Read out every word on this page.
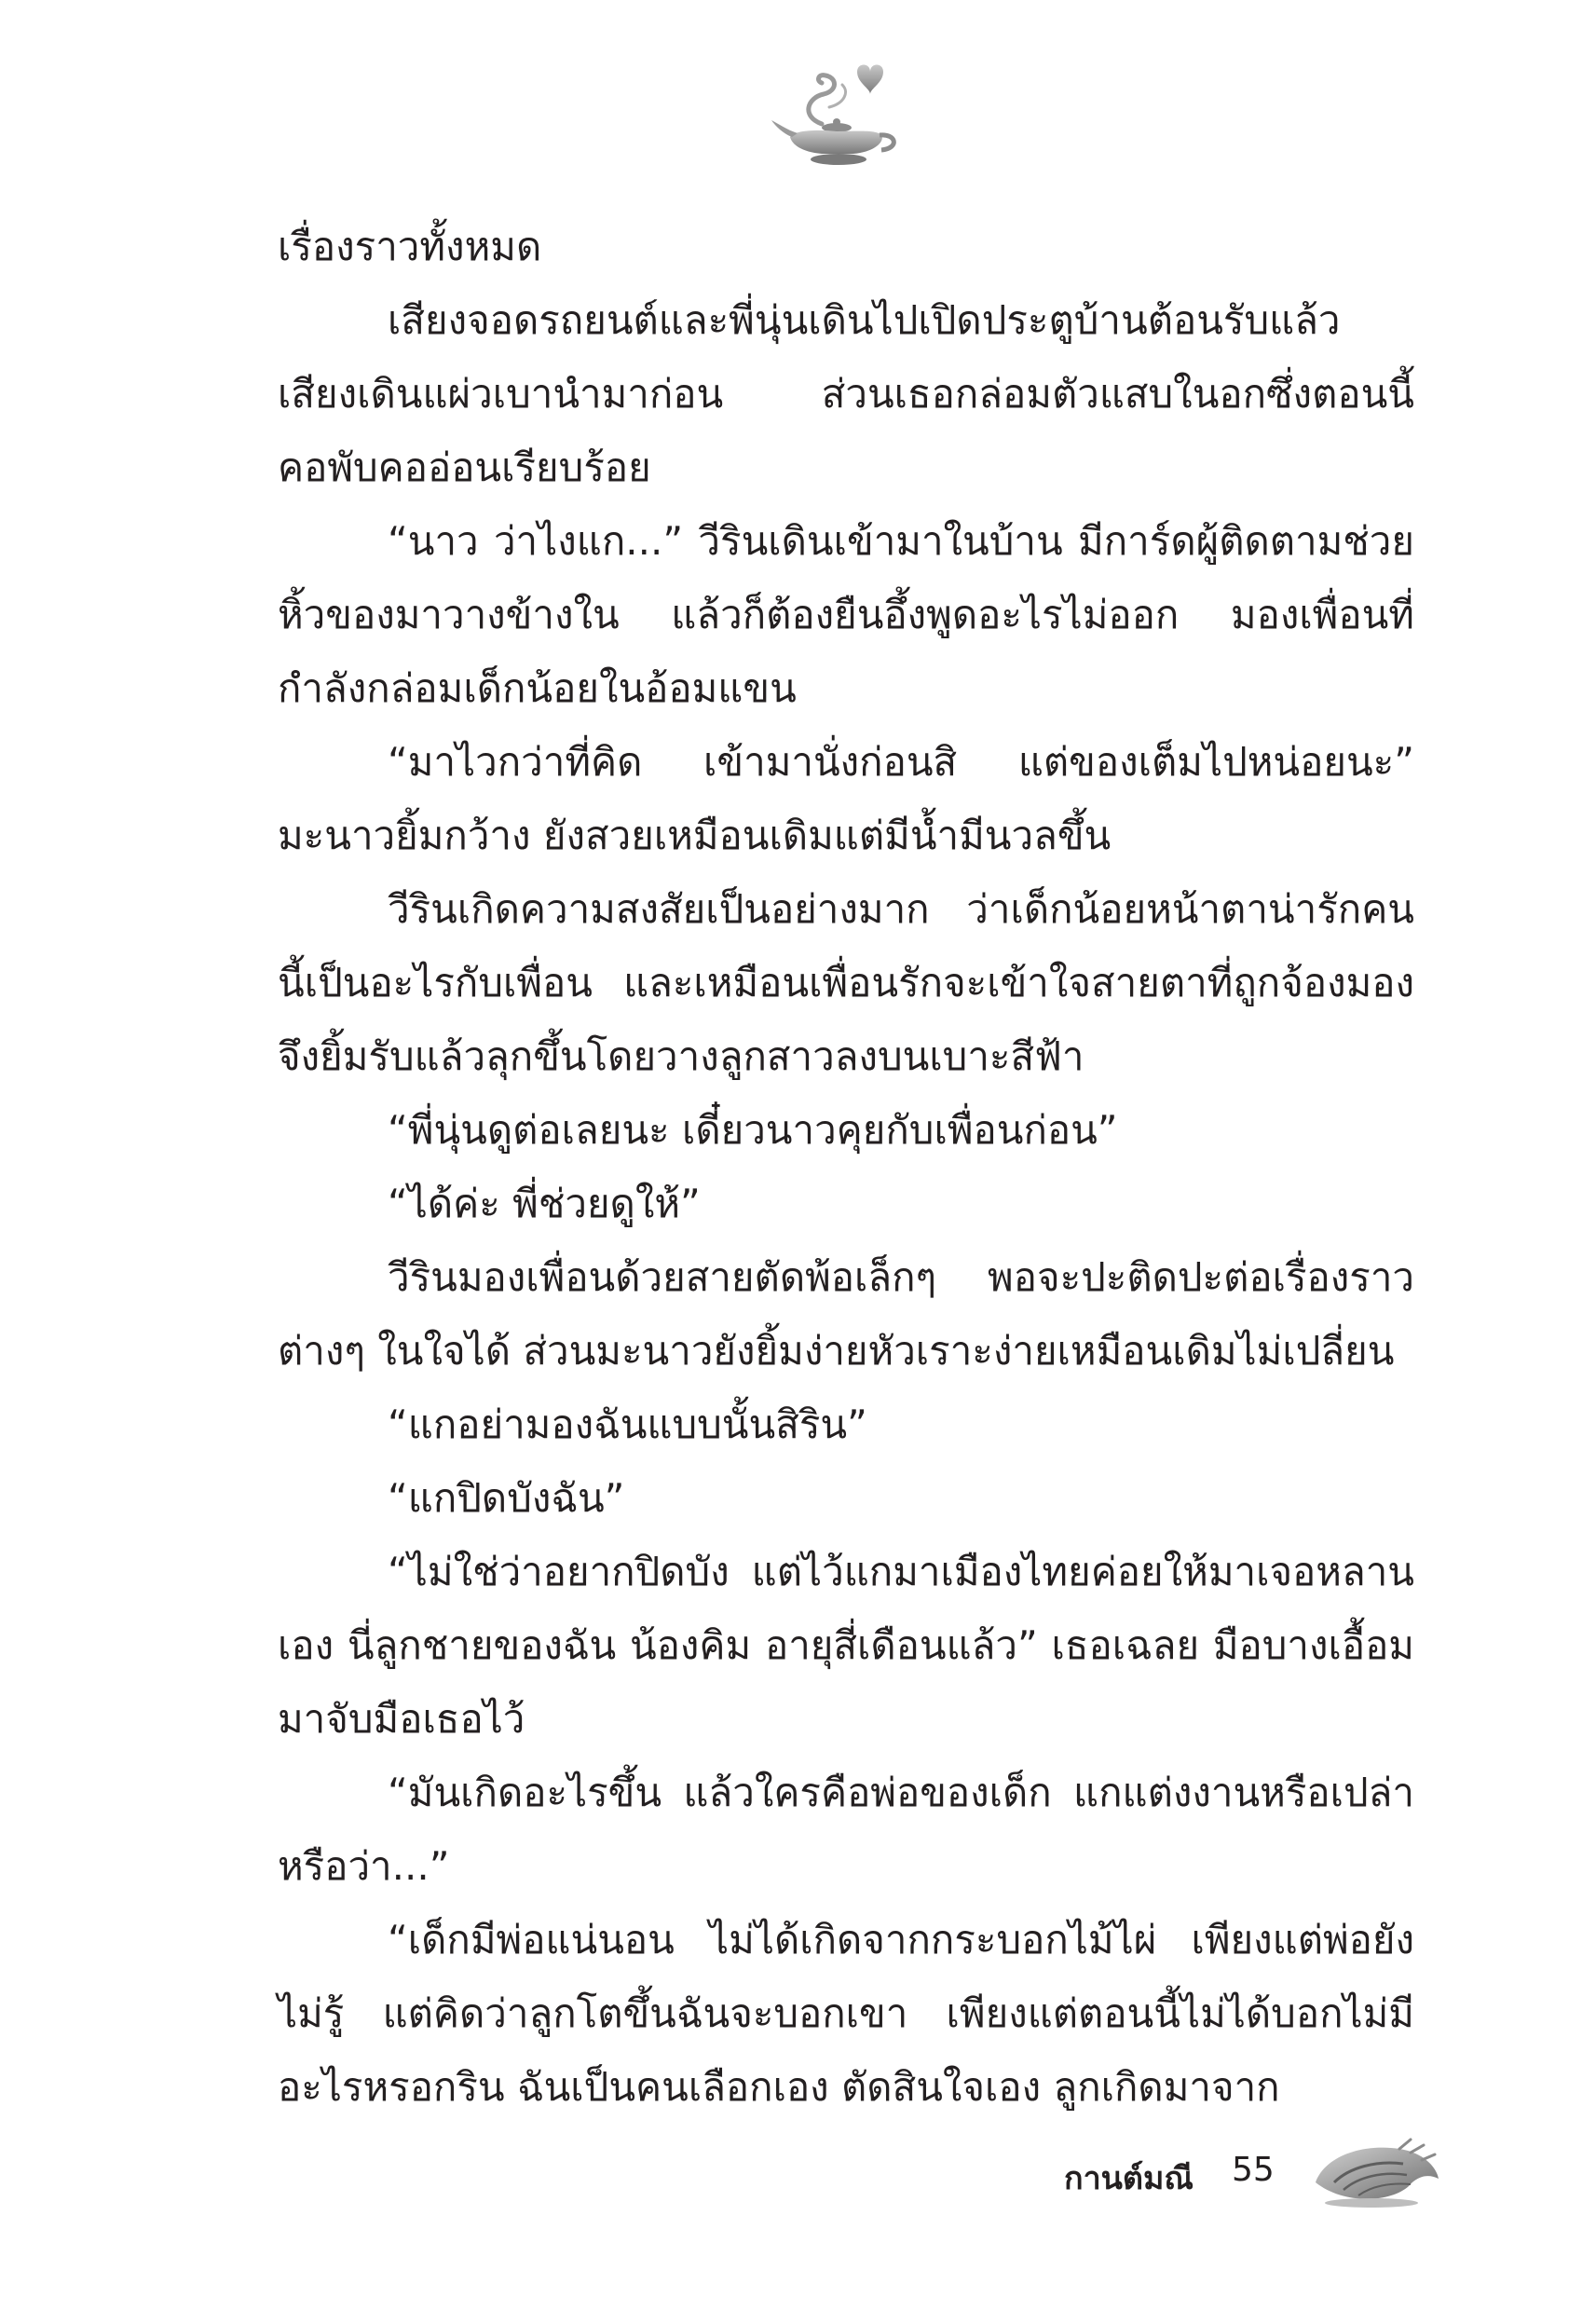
เรื่องราวทั้งหมด

เสียงจอดรถยนต์และพี่นุ่นเดินไปเปิดประตูบ้านต้อนรับแล้ว เสียงเดินแผ่วเบานำมาก่อน ส่วนเธอกล่อมตัวแสบในอกซึ่งตอนนี้คอพับคออ่อนเรียบร้อย

“นาว ว่าไงแก...” วีรินเดินเข้ามาในบ้าน มีการ์ดผู้ติดตามช่วยหิ้วของมาวางข้างใน แล้วก็ต้องยืนอึ้งพูดอะไรไม่ออก มองเพื่อนที่กำลังกล่อมเด็กน้อยในอ้อมแขน

“มาไวกว่าที่คิด เข้ามานั่งก่อนสิ แต่ของเต็มไปหน่อยนะ” มะนาวยิ้มกว้าง ยังสวยเหมือนเดิมแต่มีน้ำมีนวลขึ้น

วีรินเกิดความสงสัยเป็นอย่างมาก ว่าเด็กน้อยหน้าตาน่ารักคนนี้เป็นอะไรกับเพื่อน และเหมือนเพื่อนรักจะเข้าใจสายตาที่ถูกจ้องมอง จึงยิ้มรับแล้วลุกขึ้นโดยวางลูกสาวลงบนเบาะสีฟ้า

“พี่นุ่นดูต่อเลยนะ เดี๋ยวนาวคุยกับเพื่อนก่อน”

“ได้ค่ะ พี่ช่วยดูให้”

วีรินมองเพื่อนด้วยสายตัดพ้อเล็กๆ พอจะปะติดปะต่อเรื่องราวต่างๆ ในใจได้ ส่วนมะนาวยังยิ้มง่ายหัวเราะง่ายเหมือนเดิมไม่เปลี่ยน

“แกอย่ามองฉันแบบนั้นสิริน”

“แกปิดบังฉัน”

“ไม่ใช่ว่าอยากปิดบัง แต่ไว้แกมาเมืองไทยค่อยให้มาเจอหลานเอง นี่ลูกชายของฉัน น้องคิม อายุสี่เดือนแล้ว” เธอเฉลย มือบางเอื้อมมาจับมือเธอไว้

“มันเกิดอะไรขึ้น แล้วใครคือพ่อของเด็ก แกแต่งงานหรือเปล่าหรือว่า...”

“เด็กมีพ่อแน่นอน ไม่ได้เกิดจากกระบอกไม้ไผ่ เพียงแต่พ่อยังไม่รู้ แต่คิดว่าลูกโตขึ้นฉันจะบอกเขา เพียงแต่ตอนนี้ไม่ได้บอกไม่มีอะไรหรอกริน ฉันเป็นคนเลือกเอง ตัดสินใจเอง ลูกเกิดมาจาก

กานต์มณี 55
